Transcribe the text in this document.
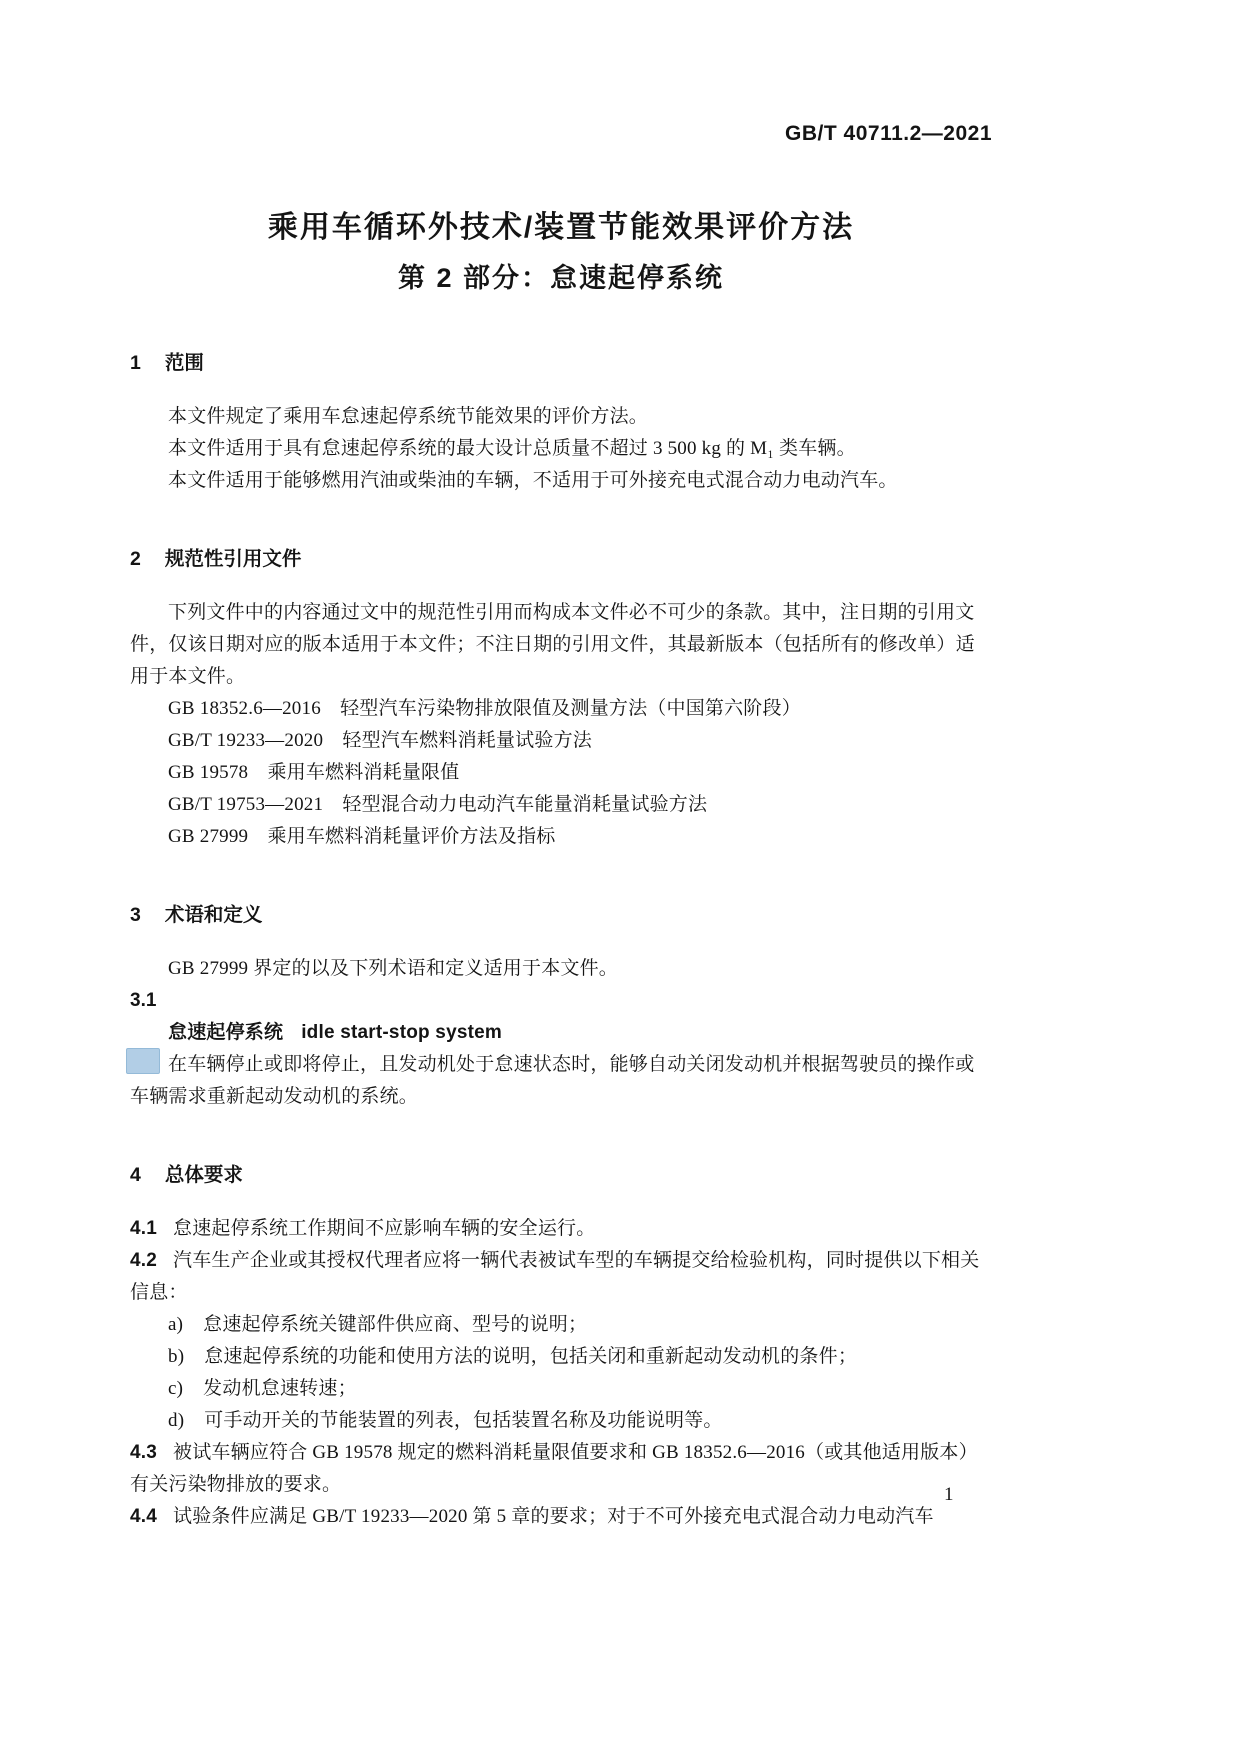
GB/T 40711.2—2021
乘用车循环外技术/装置节能效果评价方法
第 2 部分：怠速起停系统
1 范围

本文件规定了乘用车怠速起停系统节能效果的评价方法。

本文件适用于具有怠速起停系统的最大设计总质量不超过 3 500 kg 的 M₁ 类车辆。

本文件适用于能够燃用汽油或柴油的车辆，不适用于可外接充电式混合动力电动汽车。

2 规范性引用文件

下列文件中的内容通过文中的规范性引用而构成本文件必不可少的条款。其中，注日期的引用文件，仅该日期对应的版本适用于本文件；不注日期的引用文件，其最新版本（包括所有的修改单）适用于本文件。

GB 18352.6—2016　轻型汽车污染物排放限值及测量方法（中国第六阶段）

GB/T 19233—2020　轻型汽车燃料消耗量试验方法

GB 19578　乘用车燃料消耗量限值

GB/T 19753—2021　轻型混合动力电动汽车能量消耗量试验方法

GB 27999　乘用车燃料消耗量评价方法及指标

3 术语和定义

GB 27999 界定的以及下列术语和定义适用于本文件。

3.1

怠速起停系统 idle start-stop system

在车辆停止或即将停止，且发动机处于怠速状态时，能够自动关闭发动机并根据驾驶员的操作或车辆需求重新起动发动机的系统。

4 总体要求

4.1 怠速起停系统工作期间不应影响车辆的安全运行。

4.2 汽车生产企业或其授权代理者应将一辆代表被试车型的车辆提交给检验机构，同时提供以下相关信息：

a) 怠速起停系统关键部件供应商、型号的说明；

b) 怠速起停系统的功能和使用方法的说明，包括关闭和重新起动发动机的条件；

c) 发动机怠速转速；

d) 可手动开关的节能装置的列表，包括装置名称及功能说明等。

4.3 被试车辆应符合 GB 19578 规定的燃料消耗量限值要求和 GB 18352.6—2016（或其他适用版本）有关污染物排放的要求。

4.4 试验条件应满足 GB/T 19233—2020 第 5 章的要求；对于不可外接充电式混合动力电动汽车

1
